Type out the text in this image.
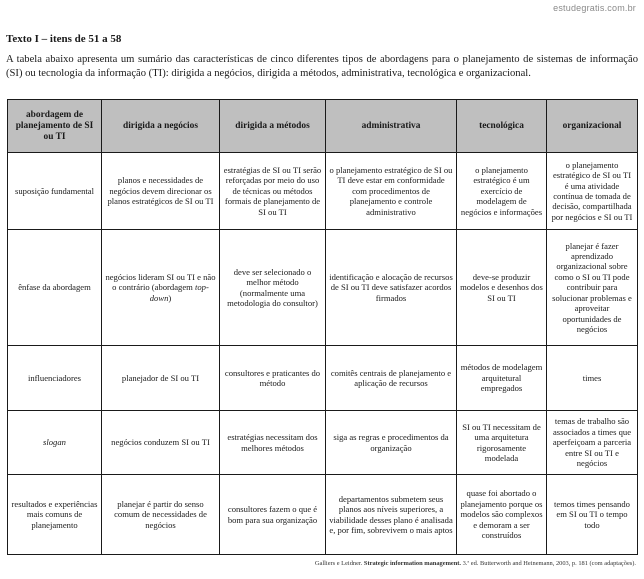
estudegratis.com.br
Texto I – itens de 51 a 58
A tabela abaixo apresenta um sumário das características de cinco diferentes tipos de abordagens para o planejamento de sistemas de informação (SI) ou tecnologia da informação (TI): dirigida a negócios, dirigida a métodos, administrativa, tecnológica e organizacional.
abordagem de planejamento de SI ou TI	dirigida a negócios	dirigida a métodos	administrativa	tecnológica	organizacional
suposição fundamental	planos e necessidades de negócios devem direcionar os planos estratégicos de SI ou TI	estratégias de SI ou TI serão reforçadas por meio do uso de técnicas ou métodos formais de planejamento de SI ou TI	o planejamento estratégico de SI ou TI deve estar em conformidade com procedimentos de planejamento e controle administrativo	o planejamento estratégico é um exercício de modelagem de negócios e informações	o planejamento estratégico de SI ou TI é uma atividade contínua de tomada de decisão, compartilhada por negócios e SI ou TI
ênfase da abordagem	negócios lideram SI ou TI e não o contrário (abordagem top-down)	deve ser selecionado o melhor método (normalmente uma metodologia do consultor)	identificação e alocação de recursos de SI ou TI deve satisfazer acordos firmados	deve-se produzir modelos e desenhos dos SI ou TI	planejar é fazer aprendizado organizacional sobre como o SI ou TI pode contribuir para solucionar problemas e aproveitar oportunidades de negócios
influenciadores	planejador de SI ou TI	consultores e praticantes do método	comitês centrais de planejamento e aplicação de recursos	métodos de modelagem arquitetural empregados	times
slogan	negócios conduzem SI ou TI	estratégias necessitam dos melhores métodos	siga as regras e procedimentos da organização	SI ou TI necessitam de uma arquitetura rigorosamente modelada	temas de trabalho são associados a times que aperfeiçoam a parceria entre SI ou TI e negócios
resultados e experiências mais comuns de planejamento	planejar é partir do senso comum de necessidades de negócios	consultores fazem o que é bom para sua organização	departamentos submetem seus planos aos níveis superiores, a viabilidade desses plano é analisada e, por fim, sobrevivem o mais aptos	quase foi abortado o planejamento porque os modelos são complexos e demoram a ser construídos	temos times pensando em SI ou TI o tempo todo
Galliers e Leidner. Strategic information management. 3.ª ed. Butterworth and Heinemann, 2003, p. 181 (com adaptações).
